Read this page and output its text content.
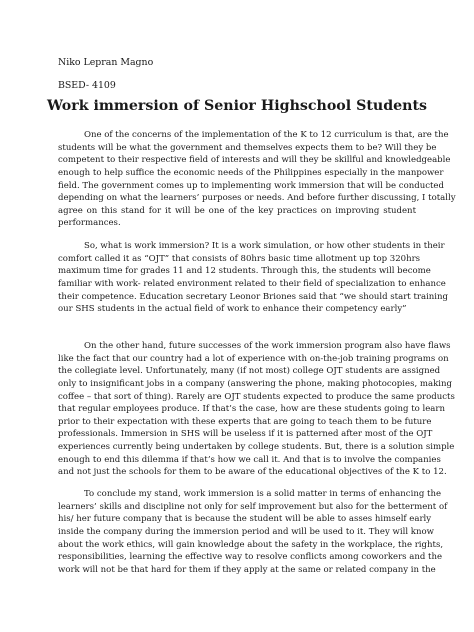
Niko Lepran Magno
BSED- 4109
Work immersion of Senior Highschool Students
One of the concerns of the implementation of the K to 12 curriculum is that, are the
students will be what the government and themselves expects them to be? Will they be
competent to their respective field of interests and will they be skillful and knowledgeable
enough to help suffice the economic needs of the Philippines especially in the manpower
field. The government comes up to implementing work immersion that will be conducted
depending on what the learners’ purposes or needs. And before further discussing, I totally
agree on this stand for it will be one of the key practices on improving student
performances.
So, what is work immersion? It is a work simulation, or how other students in their
comfort called it as “OJT” that consists of 80hrs basic time allotment up top 320hrs
maximum time for grades 11 and 12 students. Through this, the students will become
familiar with work- related environment related to their field of specialization to enhance
their competence. Education secretary Leonor Briones said that “we should start training
our SHS students in the actual field of work to enhance their competency early”
On the other hand, future successes of the work immersion program also have flaws
like the fact that our country had a lot of experience with on-the-job training programs on
the collegiate level. Unfortunately, many (if not most) college OJT students are assigned
only to insignificant jobs in a company (answering the phone, making photocopies, making
coffee – that sort of thing). Rarely are OJT students expected to produce the same products
that regular employees produce. If that’s the case, how are these students going to learn
prior to their expectation with these experts that are going to teach them to be future
professionals. Immersion in SHS will be useless if it is patterned after most of the OJT
experiences currently being undertaken by college students. But, there is a solution simple
enough to end this dilemma if that’s how we call it. And that is to involve the companies
and not just the schools for them to be aware of the educational objectives of the K to 12.
To conclude my stand, work immersion is a solid matter in terms of enhancing the
learners’ skills and discipline not only for self improvement but also for the betterment of
his/ her future company that is because the student will be able to asses himself early
inside the company during the immersion period and will be used to it. They will know
about the work ethics, will gain knowledge about the safety in the workplace, the rights,
responsibilities, learning the effective way to resolve conflicts among coworkers and the
work will not be that hard for them if they apply at the same or related company in the
